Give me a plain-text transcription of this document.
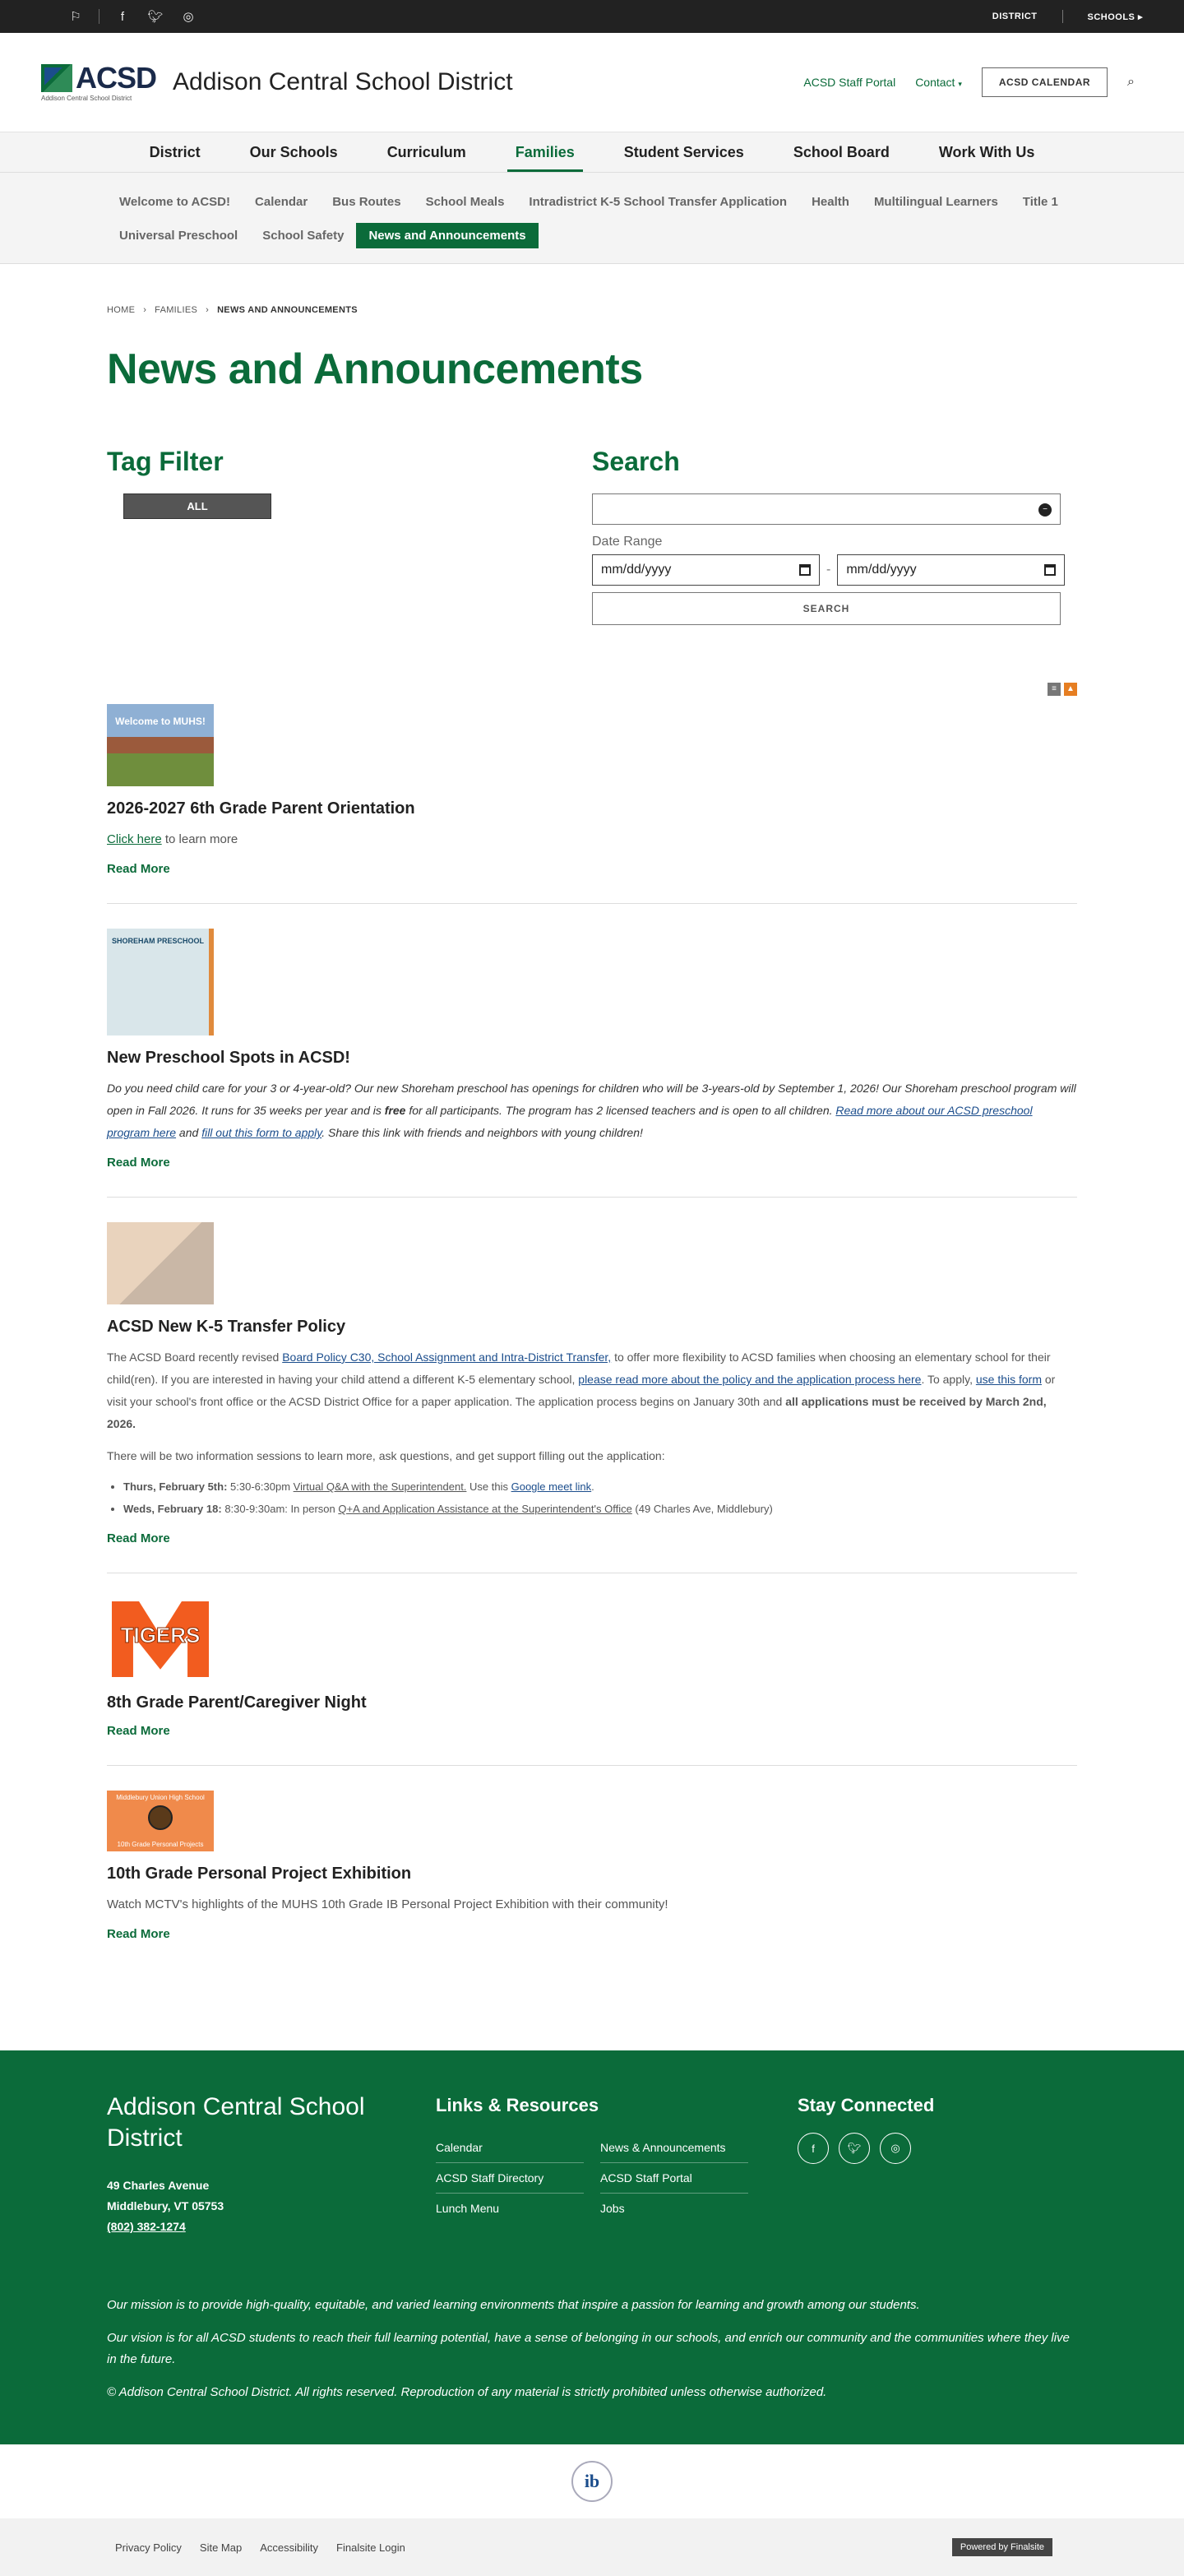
⚐	f	🐦︎	◎	DISTRICT	SCHOOLS ▸
ACSD
Addison Central School District
Addison Central School District	ACSD Staff Portal Contact ▾	ACSD CALENDAR	⌕
District	Our Schools	Curriculum	Families	Student Services	School Board	Work With Us
Welcome to ACSD!	Calendar	Bus Routes	School Meals	Intradistrict K-5 School Transfer Application	Health	Multilingual Learners	Title 1
Universal Preschool	School Safety	News and Announcements
HOME › FAMILIES › NEWS AND ANNOUNCEMENTS
News and Announcements
Tag Filter
ALL
Search
−
Date Range
mm/dd/yyyy	- mm/dd/yyyy
SEARCH
≡	▲
Welcome to MUHS!
2026-2027 6th Grade Parent Orientation

Click here to learn more

Read More
SHOREHAM PRESCHOOL
New Preschool Spots in ACSD!

Do you need child care for your 3 or 4-year-old? Our new Shoreham preschool has openings for children who will be 3-years-old by September 1, 2026! Our Shoreham preschool program will open in Fall 2026. It runs for 35 weeks per year and is free for all participants. The program has 2 licensed teachers and is open to all children. Read more about our ACSD preschool program here and fill out this form to apply. Share this link with friends and neighbors with young children!

Read More
ACSD New K-5 Transfer Policy

The ACSD Board recently revised Board Policy C30, School Assignment and Intra-District Transfer, to offer more flexibility to ACSD families when choosing an elementary school for their child(ren). If you are interested in having your child attend a different K-5 elementary school, please read more about the policy and the application process here. To apply, use this form or visit your school's front office or the ACSD District Office for a paper application. The application process begins on January 30th and all applications must be received by March 2nd, 2026.

There will be two information sessions to learn more, ask questions, and get support filling out the application:

• Thurs, February 5th: 5:30-6:30pm Virtual Q&A with the Superintendent. Use this Google meet link.
• Weds, February 18: 8:30-9:30am: In person Q+A and Application Assistance at the Superintendent's Office (49 Charles Ave, Middlebury)
Read More
TIGERS
8th Grade Parent/Caregiver Night
Read More
Middlebury Union High School
10th Grade Personal Projects
10th Grade Personal Project Exhibition

Watch MCTV's highlights of the MUHS 10th Grade IB Personal Project Exhibition with their community!

Read More
Addison Central School District
49 Charles Avenue
Middlebury, VT 05753
(802) 382-1274
Links & Resources
Calendar	News & Announcements
ACSD Staff Directory	ACSD Staff Portal
Lunch Menu	Jobs
Stay Connected
f	🐦︎	◎

Our mission is to provide high-quality, equitable, and varied learning environments that inspire a passion for learning and growth among our students.

Our vision is for all ACSD students to reach their full learning potential, have a sense of belonging in our schools, and enrich our community and the communities where they live in the future.

© Addison Central School District. All rights reserved. Reproduction of any material is strictly prohibited unless otherwise authorized.

ib
Privacy Policy Site Map Accessibility Finalsite Login	Powered by Finalsite
